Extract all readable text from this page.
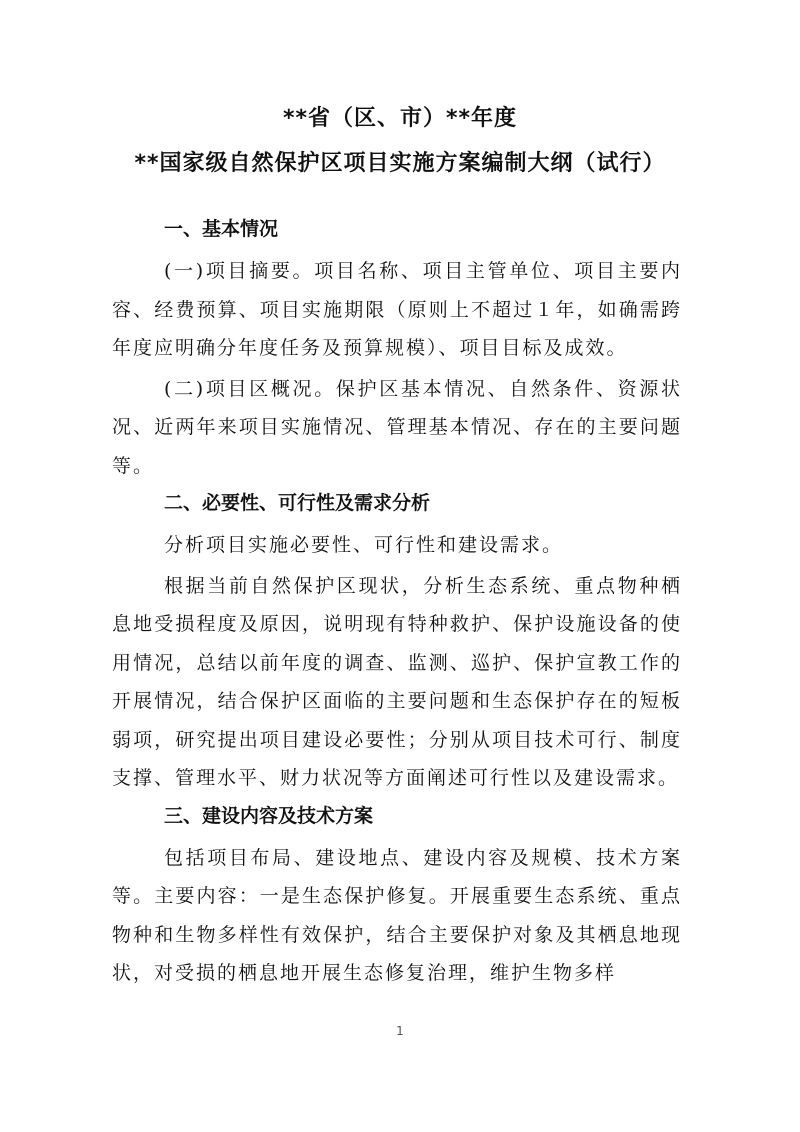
**省（区、市）**年度
**国家级自然保护区项目实施方案编制大纲（试行）
一、基本情况

(一)项目摘要。项目名称、项目主管单位、项目主要内容、经费预算、项目实施期限（原则上不超过１年，如确需跨年度应明确分年度任务及预算规模）、项目目标及成效。

(二)项目区概况。保护区基本情况、自然条件、资源状况、近两年来项目实施情况、管理基本情况、存在的主要问题等。

二、必要性、可行性及需求分析

分析项目实施必要性、可行性和建设需求。

根据当前自然保护区现状，分析生态系统、重点物种栖息地受损程度及原因，说明现有特种救护、保护设施设备的使用情况，总结以前年度的调查、监测、巡护、保护宣教工作的开展情况，结合保护区面临的主要问题和生态保护存在的短板弱项，研究提出项目建设必要性；分别从项目技术可行、制度支撑、管理水平、财力状况等方面阐述可行性以及建设需求。

三、建设内容及技术方案

包括项目布局、建设地点、建设内容及规模、技术方案等。主要内容：一是生态保护修复。开展重要生态系统、重点物种和生物多样性有效保护，结合主要保护对象及其栖息地现状，对受损的栖息地开展生态修复治理，维护生物多样

1
